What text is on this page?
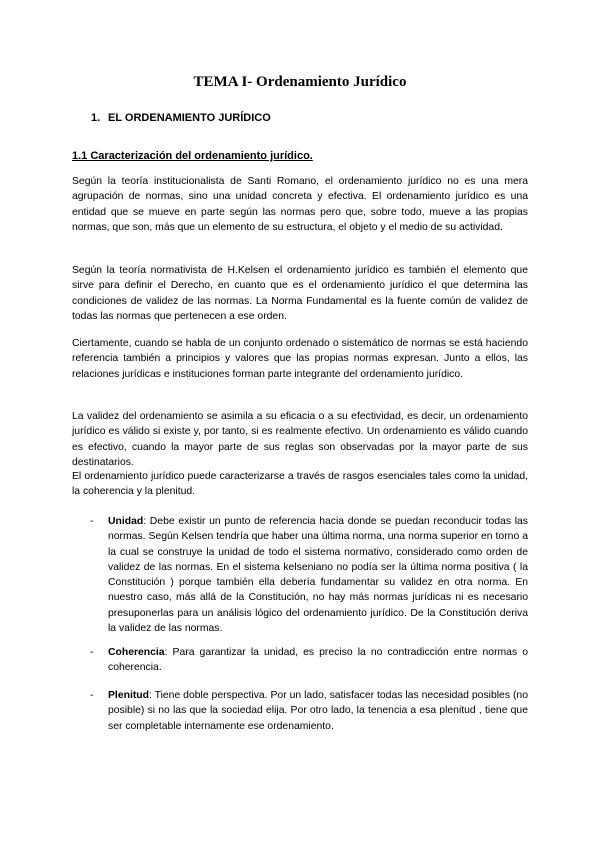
TEMA I- Ordenamiento Jurídico
1. EL ORDENAMIENTO JURÍDICO
1.1 Caracterización del ordenamiento jurídico.

Según la teoría institucionalista de Santi Romano, el ordenamiento jurídico no es una mera agrupación de normas, sino una unidad concreta y efectiva. El ordenamiento jurídico es una entidad que se mueve en parte según las normas pero que, sobre todo, mueve a las propias normas, que son, más que un elemento de su estructura, el objeto y el medio de su actividad.

Según la teoría normativista de H.Kelsen el ordenamiento jurídico es también el elemento que sirve para definir el Derecho, en cuanto que es el ordenamiento jurídico el que determina las condiciones de validez de las normas. La Norma Fundamental es la fuente común de validez de todas las normas que pertenecen a ese orden.

Ciertamente, cuando se habla de un conjunto ordenado o sistemático de normas se está haciendo referencia también a principios y valores que las propias normas expresan. Junto a ellos, las relaciones jurídicas e instituciones forman parte integrante del ordenamiento jurídico.

La validez del ordenamiento se asimila a su eficacia o a su efectividad, es decir, un ordenamiento jurídico es válido si existe y, por tanto, si es realmente efectivo. Un ordenamiento es válido cuando es efectivo, cuando la mayor parte de sus reglas son observadas por la mayor parte de sus destinatarios.

El ordenamiento jurídico puede caracterizarse a través de rasgos esenciales tales como la unidad, la coherencia y la plenitud.

-	Unidad: Debe existir un punto de referencia hacia donde se puedan reconducir todas las normas. Según Kelsen tendría que haber una última norma, una norma superior en torno a la cual se construye la unidad de todo el sistema normativo, considerado como orden de validez de las normas. En el sistema kelseniano no podía ser la última norma positiva ( la Constitución ) porque también ella debería fundamentar su validez en otra norma. En nuestro caso, más allá de la Constitución, no hay más normas jurídicas ni es necesario presuponerlas para un análisis lógico del ordenamiento jurídico. De la Constitución deriva la validez de las normas.

-	Coherencia: Para garantizar la unidad, es preciso la no contradicción entre normas o coherencia.

-	Plenitud: Tiene doble perspectiva. Por un lado, satisfacer todas las necesidad posibles (no posible) si no las que la sociedad elija. Por otro lado, la tenencia a esa plenitud , tiene que ser completable internamente ese ordenamiento.
